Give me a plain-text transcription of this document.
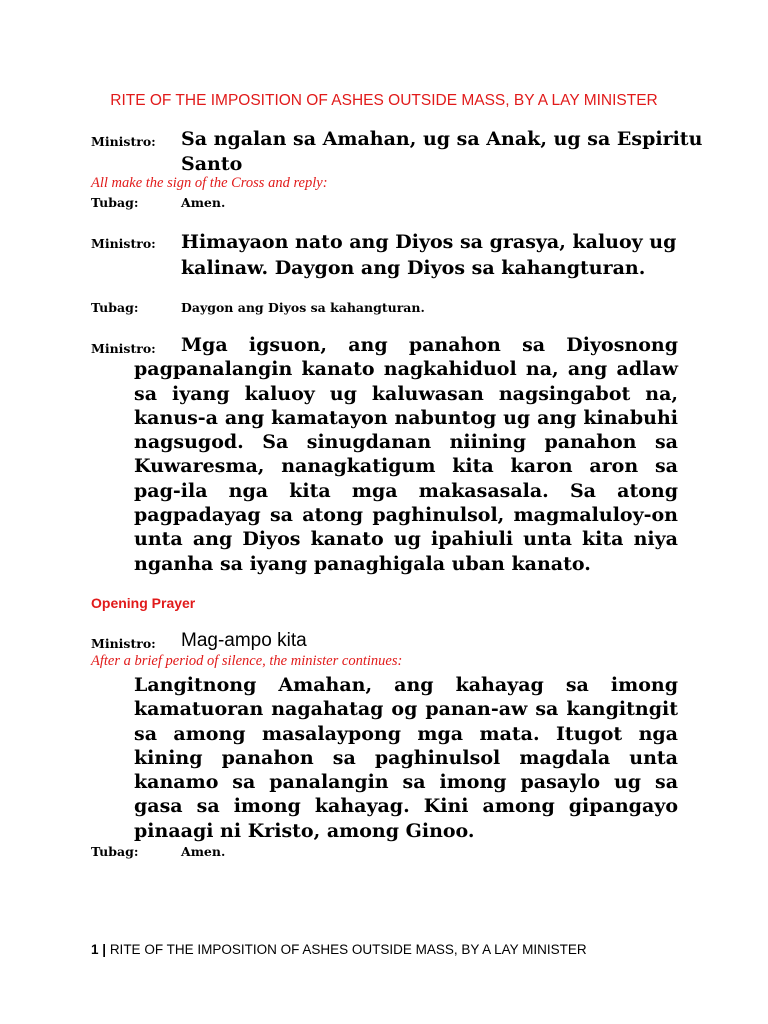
RITE OF THE IMPOSITION OF ASHES OUTSIDE MASS, BY A LAY MINISTER

Ministro: Sa ngalan sa Amahan, ug sa Anak, ug sa Espiritu

Santo

All make the sign of the Cross and reply:

Tubag:	Amen.
Ministro: Himayaon nato ang Diyos sa grasya, kaluoy ug

kalinaw. Daygon ang Diyos sa kahangturan.

Tubag:	Daygon ang Diyos sa kahangturan.
Ministro:	Mga igsuon, ang panahon sa Diyosnong pagpanalangin kanato nagkahiduol na, ang adlaw sa iyang kaluoy ug kaluwasan nagsingabot na, kanus-a ang kamatayon nabuntog ug ang kinabuhi nagsugod. Sa sinugdanan niining panahon sa Kuwaresma, nanagkatigum kita karon aron sa pag-ila nga kita mga makasasala. Sa atong pagpadayag sa atong paghinulsol, magmaluloy-on unta ang Diyos kanato ug ipahiuli unta kita niya nganha sa iyang panaghigala uban kanato.

Opening Prayer

Ministro: Mag-ampo kita

After a brief period of silence, the minister continues:

Langitnong Amahan, ang kahayag sa imong kamatuoran nagahatag og panan-aw sa kangitngit sa among masalaypong mga mata. Itugot nga kining panahon sa paghinulsol magdala unta kanamo sa panalangin sa imong pasaylo ug sa gasa sa imong kahayag. Kini among gipangayo pinaagi ni Kristo, among Ginoo.

Tubag:	Amen.

1 | RITE OF THE IMPOSITION OF ASHES OUTSIDE MASS, BY A LAY MINISTER
